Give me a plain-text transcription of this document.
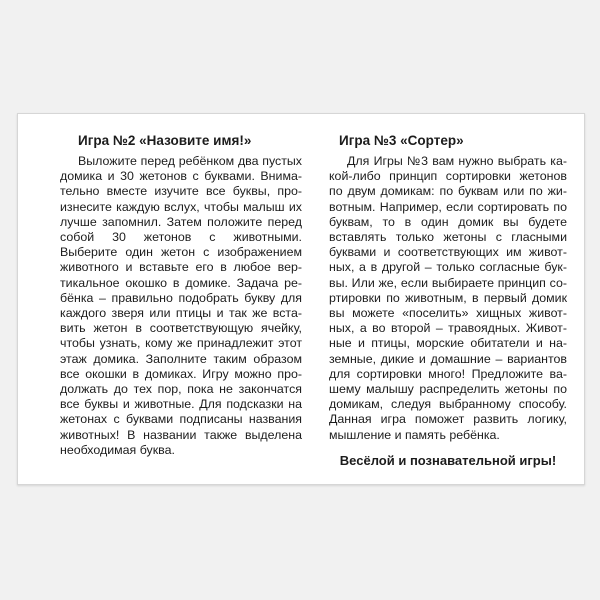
Игра №2 «Назовите имя!»

Выложите перед ребёнком два пустых домика и 30 жетонов с буквами. Внимательно вместе изучите все буквы, произнесите каждую вслух, чтобы малыш их лучше запомнил. Затем положите перед собой 30 жетонов с животными. Выберите один жетон с изображением животного и вставьте его в любое вертикальное окошко в домике. Задача ребёнка – правильно подобрать букву для каждого зверя или птицы и так же вставить жетон в соответствующую ячейку, чтобы узнать, кому же принадлежит этот этаж домика. Заполните таким образом все окошки в домиках. Игру можно продолжать до тех пор, пока не закончатся все буквы и животные. Для подсказки на жетонах с буквами подписаны названия животных! В названии также выделена необходимая буква.

Игра №3 «Сортер»

Для Игры №3 вам нужно выбрать какой-либо принцип сортировки жетонов по двум домикам: по буквам или по животным. Например, если сортировать по буквам, то в один домик вы будете вставлять только жетоны с гласными буквами и соответствующих им животных, а в другой – только согласные буквы. Или же, если выбираете принцип сортировки по животным, в первый домик вы можете «поселить» хищных животных, а во второй – травоядных. Животные и птицы, морские обитатели и наземные, дикие и домашние – вариантов для сортировки много! Предложите вашему малышу распределить жетоны по домикам, следуя выбранному способу. Данная игра поможет развить логику, мышление и память ребёнка.

Весёлой и познавательной игры!
